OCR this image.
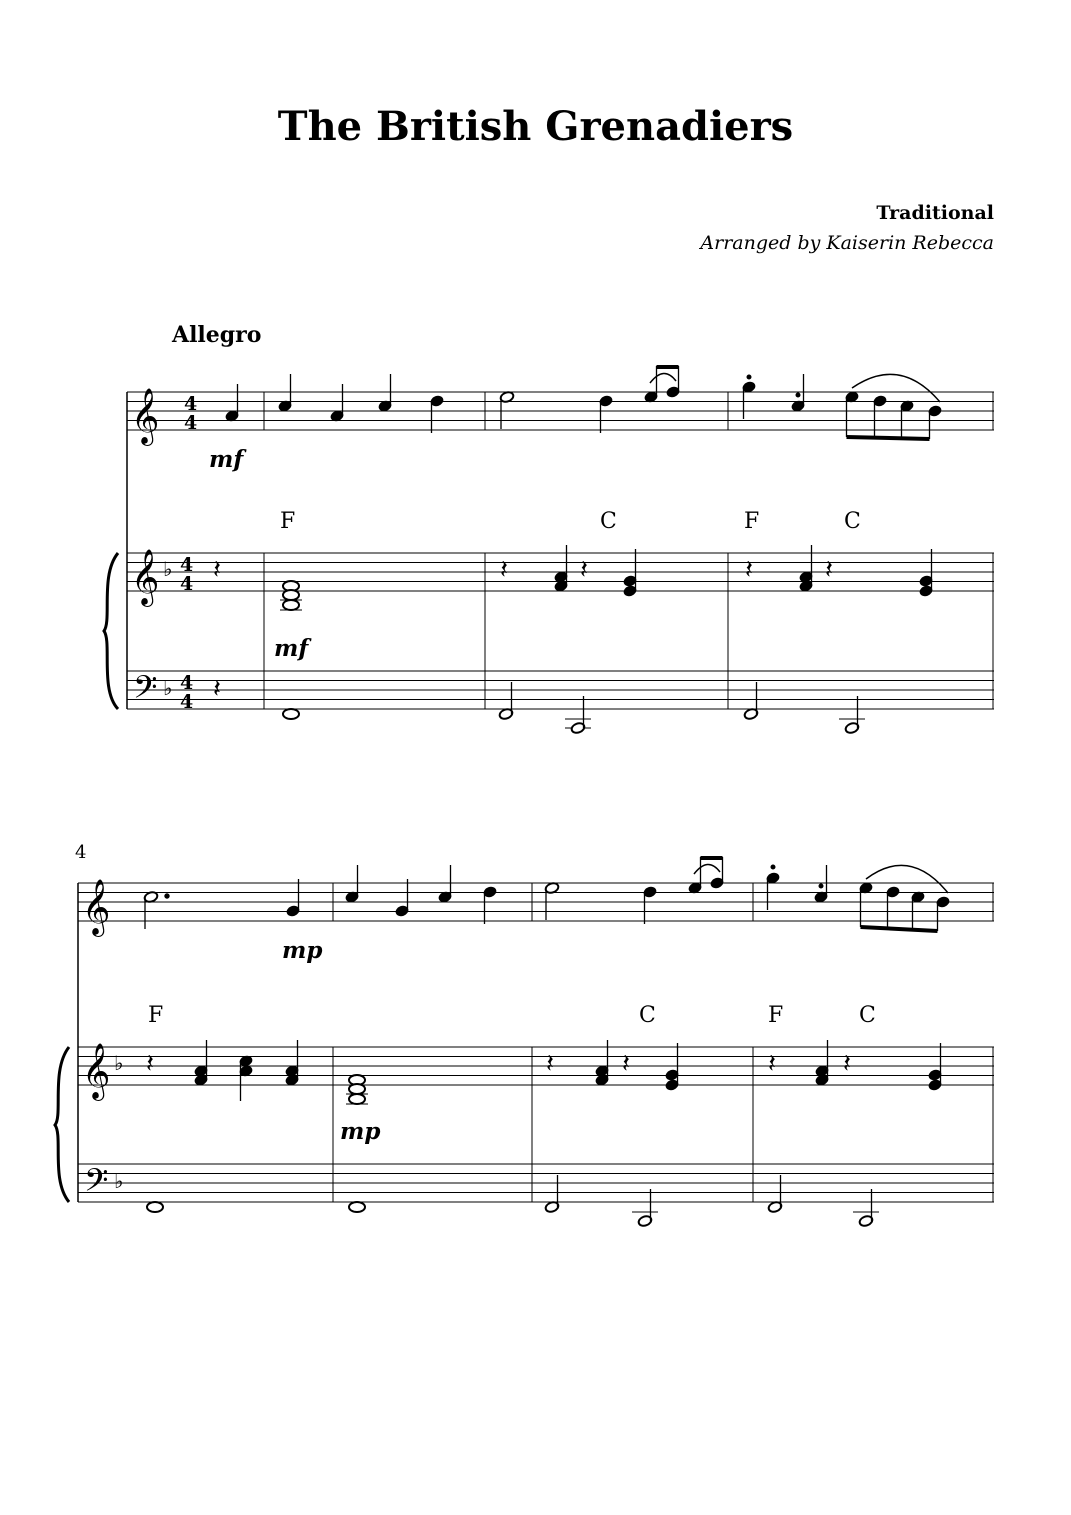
The British Grenadiers
Traditional
Arranged by Kaiserin Rebecca
Allegro
𝄞
𝄞
𝄢
𝄞
𝄞
𝄢
♭
♭
♭
♭
4
4
4
4
4
4
𝄽	𝄽	𝄽	𝄽	𝄽
𝄽
𝄽	𝄽	𝄽	𝄽	𝄽
F	C	F	C
F	C	F	C
mf
mf
mp
mp
4
